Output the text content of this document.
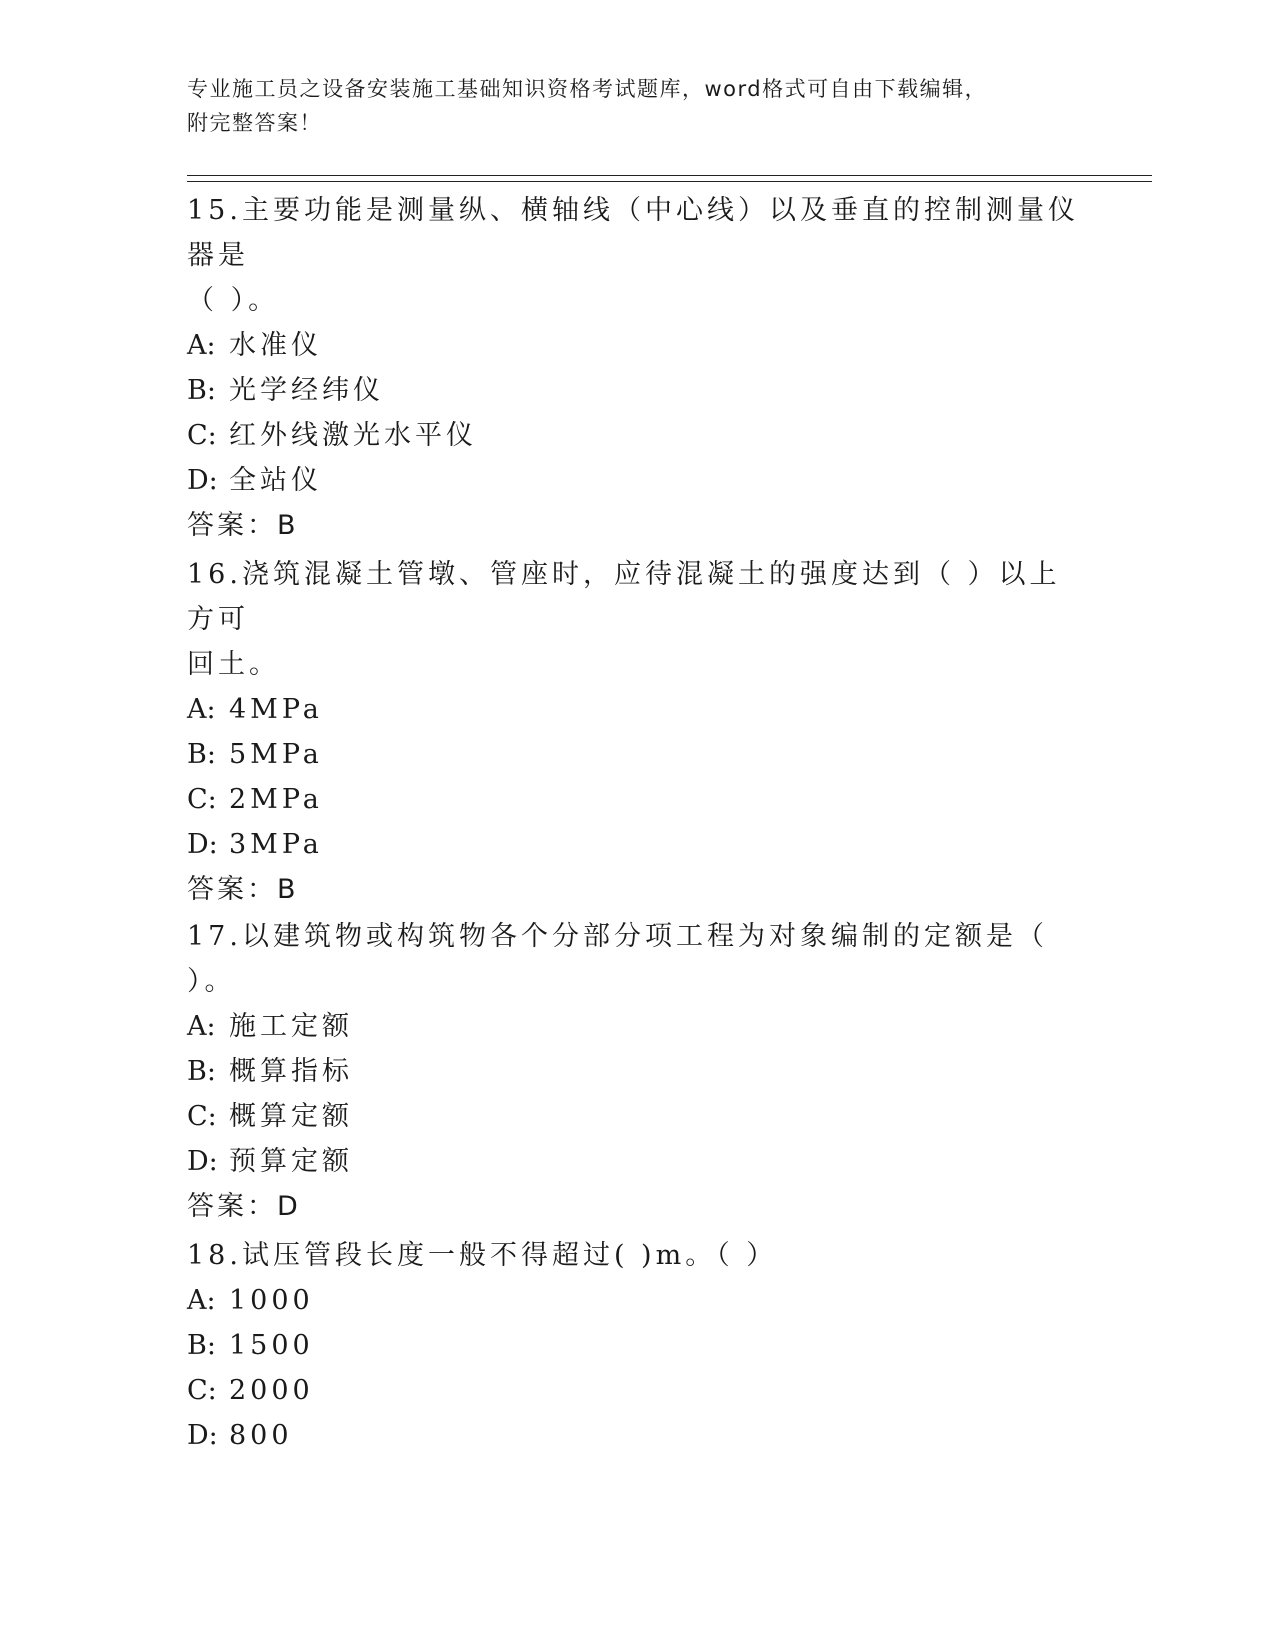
专业施工员之设备安装施工基础知识资格考试题库，word格式可自由下载编辑，

附完整答案！

15.主要功能是测量纵、横轴线（中心线）以及垂直的控制测量仪器是

（ ）。

A: 水准仪

B: 光学经纬仪

C: 红外线激光水平仪

D: 全站仪

答案：B

16.浇筑混凝土管墩、管座时，应待混凝土的强度达到（ ）以上方可

回土。

A: 4MPa

B: 5MPa

C: 2MPa

D: 3MPa

答案：B

17.以建筑物或构筑物各个分部分项工程为对象编制的定额是（ ）。

A: 施工定额

B: 概算指标

C: 概算定额

D: 预算定额

答案：D

18.试压管段长度一般不得超过( )m。（ ）

A: 1000

B: 1500

C: 2000

D: 800
